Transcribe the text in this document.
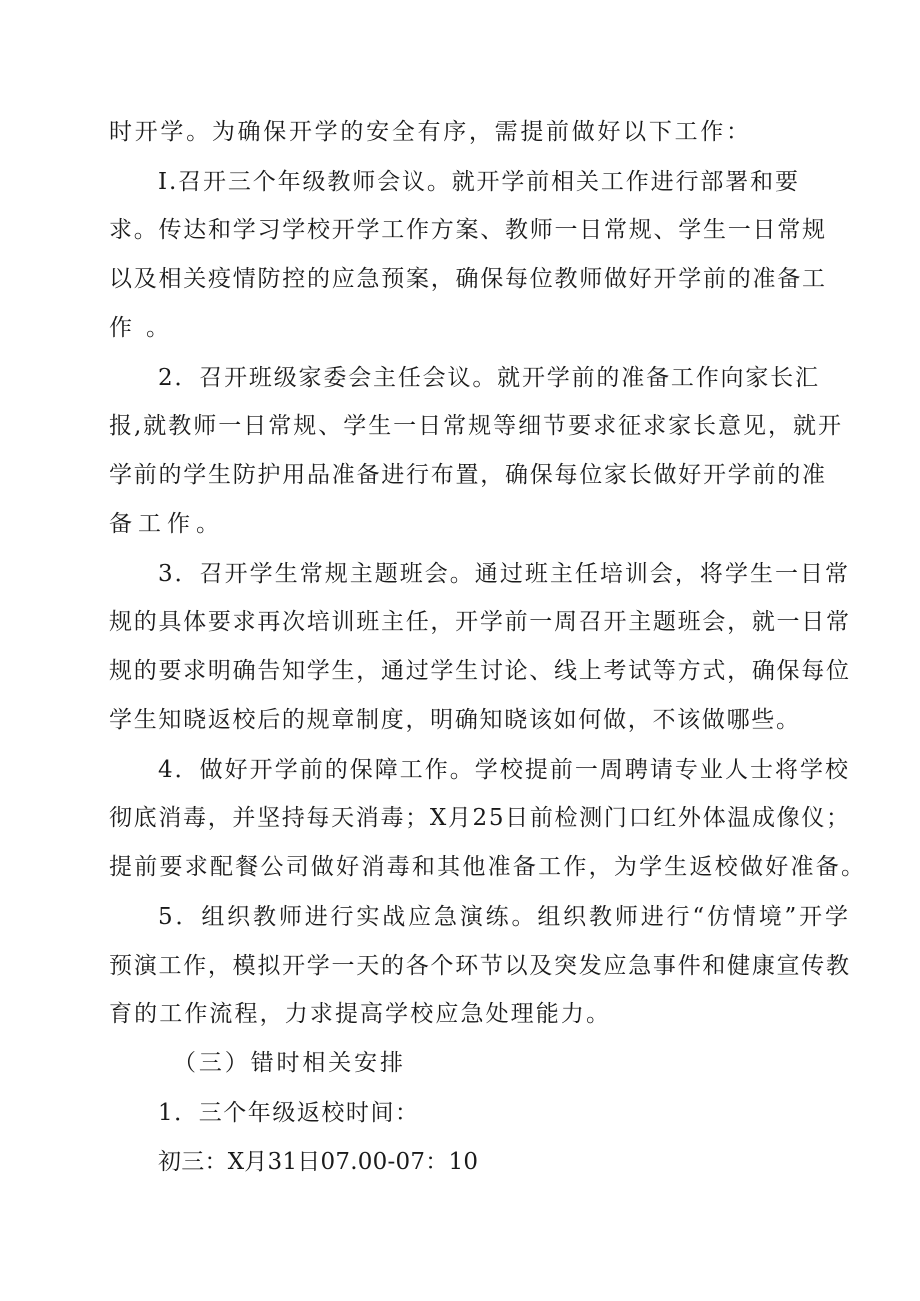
时开学。为确保开学的安全有序，需提前做好以下工作：

I.召开三个年级教师会议。就开学前相关工作进行部署和要

求。传达和学习学校开学工作方案、教师一日常规、学生一日常规

以及相关疫情防控的应急预案，确保每位教师做好开学前的准备工

作。

2．召开班级家委会主任会议。就开学前的准备工作向家长汇

报,就教师一日常规、学生一日常规等细节要求征求家长意见，就开

学前的学生防护用品准备进行布置，确保每位家长做好开学前的准

备工作。

3．召开学生常规主题班会。通过班主任培训会，将学生一日常

规的具体要求再次培训班主任，开学前一周召开主题班会，就一日常

规的要求明确告知学生，通过学生讨论、线上考试等方式，确保每位

学生知晓返校后的规章制度，明确知晓该如何做，不该做哪些。

4．做好开学前的保障工作。学校提前一周聘请专业人士将学校

彻底消毒，并坚持每天消毒；X月25日前检测门口红外体温成像仪；

提前要求配餐公司做好消毒和其他准备工作，为学生返校做好准备。

5．组织教师进行实战应急演练。组织教师进行“仿情境”开学

预演工作，模拟开学一天的各个环节以及突发应急事件和健康宣传教

育的工作流程，力求提高学校应急处理能力。

（三）错时相关安排

1．三个年级返校时间：

初三：X月31日07.00-07：10
